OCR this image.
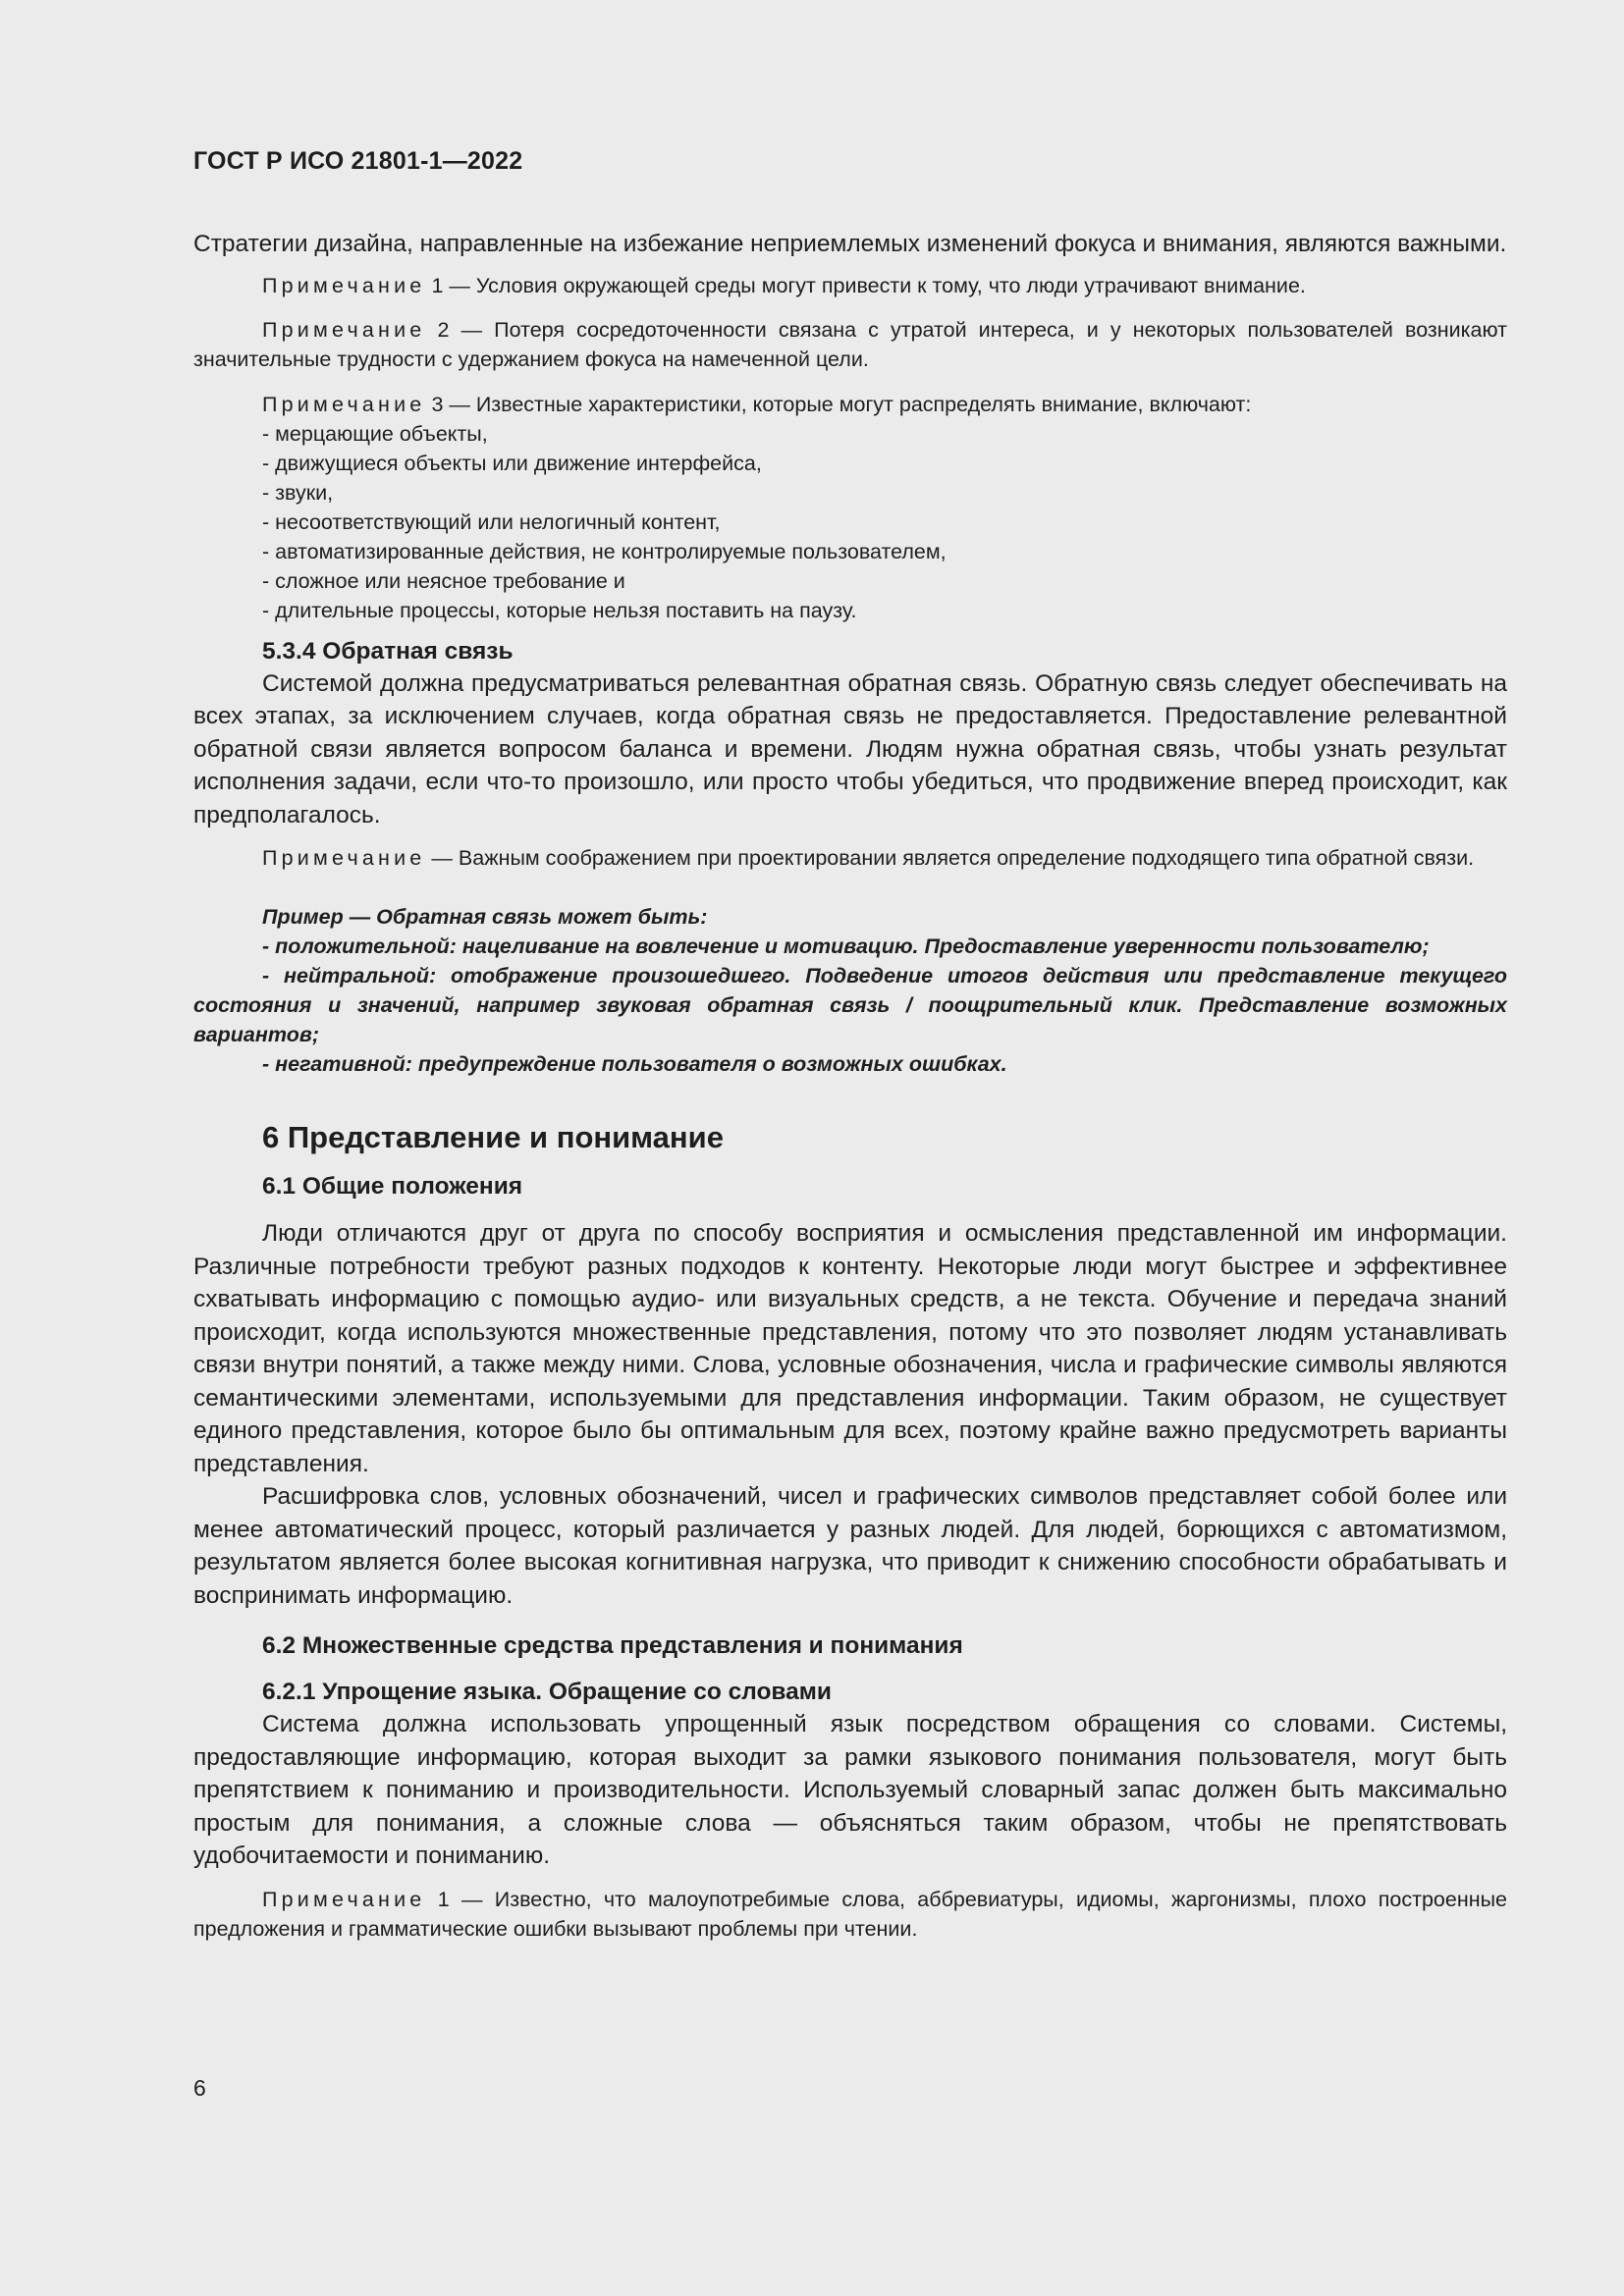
ГОСТ Р ИСО 21801-1—2022

Стратегии дизайна, направленные на избежание неприемлемых изменений фокуса и внимания, являются важными.

Примечание 1 — Условия окружающей среды могут привести к тому, что люди утрачивают внимание.

Примечание 2 — Потеря сосредоточенности связана с утратой интереса, и у некоторых пользователей возникают значительные трудности с удержанием фокуса на намеченной цели.

Примечание 3 — Известные характеристики, которые могут распределять внимание, включают:

- мерцающие объекты,
- движущиеся объекты или движение интерфейса,
- звуки,
- несоответствующий или нелогичный контент,
- автоматизированные действия, не контролируемые пользователем,
- сложное или неясное требование и
- длительные процессы, которые нельзя поставить на паузу.
5.3.4 Обратная связь

Системой должна предусматриваться релевантная обратная связь. Обратную связь следует обеспечивать на всех этапах, за исключением случаев, когда обратная связь не предоставляется. Предоставление релевантной обратной связи является вопросом баланса и времени. Людям нужна обратная связь, чтобы узнать результат исполнения задачи, если что-то произошло, или просто чтобы убедиться, что продвижение вперед происходит, как предполагалось.

Примечание — Важным соображением при проектировании является определение подходящего типа обратной связи.

Пример — Обратная связь может быть:

- положительной: нацеливание на вовлечение и мотивацию. Предоставление уверенности пользователю;

- нейтральной: отображение произошедшего. Подведение итогов действия или представление текущего состояния и значений, например звуковая обратная связь / поощрительный клик. Представление возможных вариантов;

- негативной: предупреждение пользователя о возможных ошибках.

6 Представление и понимание
6.1 Общие положения

Люди отличаются друг от друга по способу восприятия и осмысления представленной им информации. Различные потребности требуют разных подходов к контенту. Некоторые люди могут быстрее и эффективнее схватывать информацию с помощью аудио- или визуальных средств, а не текста. Обучение и передача знаний происходит, когда используются множественные представления, потому что это позволяет людям устанавливать связи внутри понятий, а также между ними. Слова, условные обозначения, числа и графические символы являются семантическими элементами, используемыми для представления информации. Таким образом, не существует единого представления, которое было бы оптимальным для всех, поэтому крайне важно предусмотреть варианты представления.

Расшифровка слов, условных обозначений, чисел и графических символов представляет собой более или менее автоматический процесс, который различается у разных людей. Для людей, борющихся с автоматизмом, результатом является более высокая когнитивная нагрузка, что приводит к снижению способности обрабатывать и воспринимать информацию.

6.2 Множественные средства представления и понимания
6.2.1 Упрощение языка. Обращение со словами

Система должна использовать упрощенный язык посредством обращения со словами. Системы, предоставляющие информацию, которая выходит за рамки языкового понимания пользователя, могут быть препятствием к пониманию и производительности. Используемый словарный запас должен быть максимально простым для понимания, а сложные слова — объясняться таким образом, чтобы не препятствовать удобочитаемости и пониманию.

Примечание 1 — Известно, что малоупотребимые слова, аббревиатуры, идиомы, жаргонизмы, плохо построенные предложения и грамматические ошибки вызывают проблемы при чтении.

6
